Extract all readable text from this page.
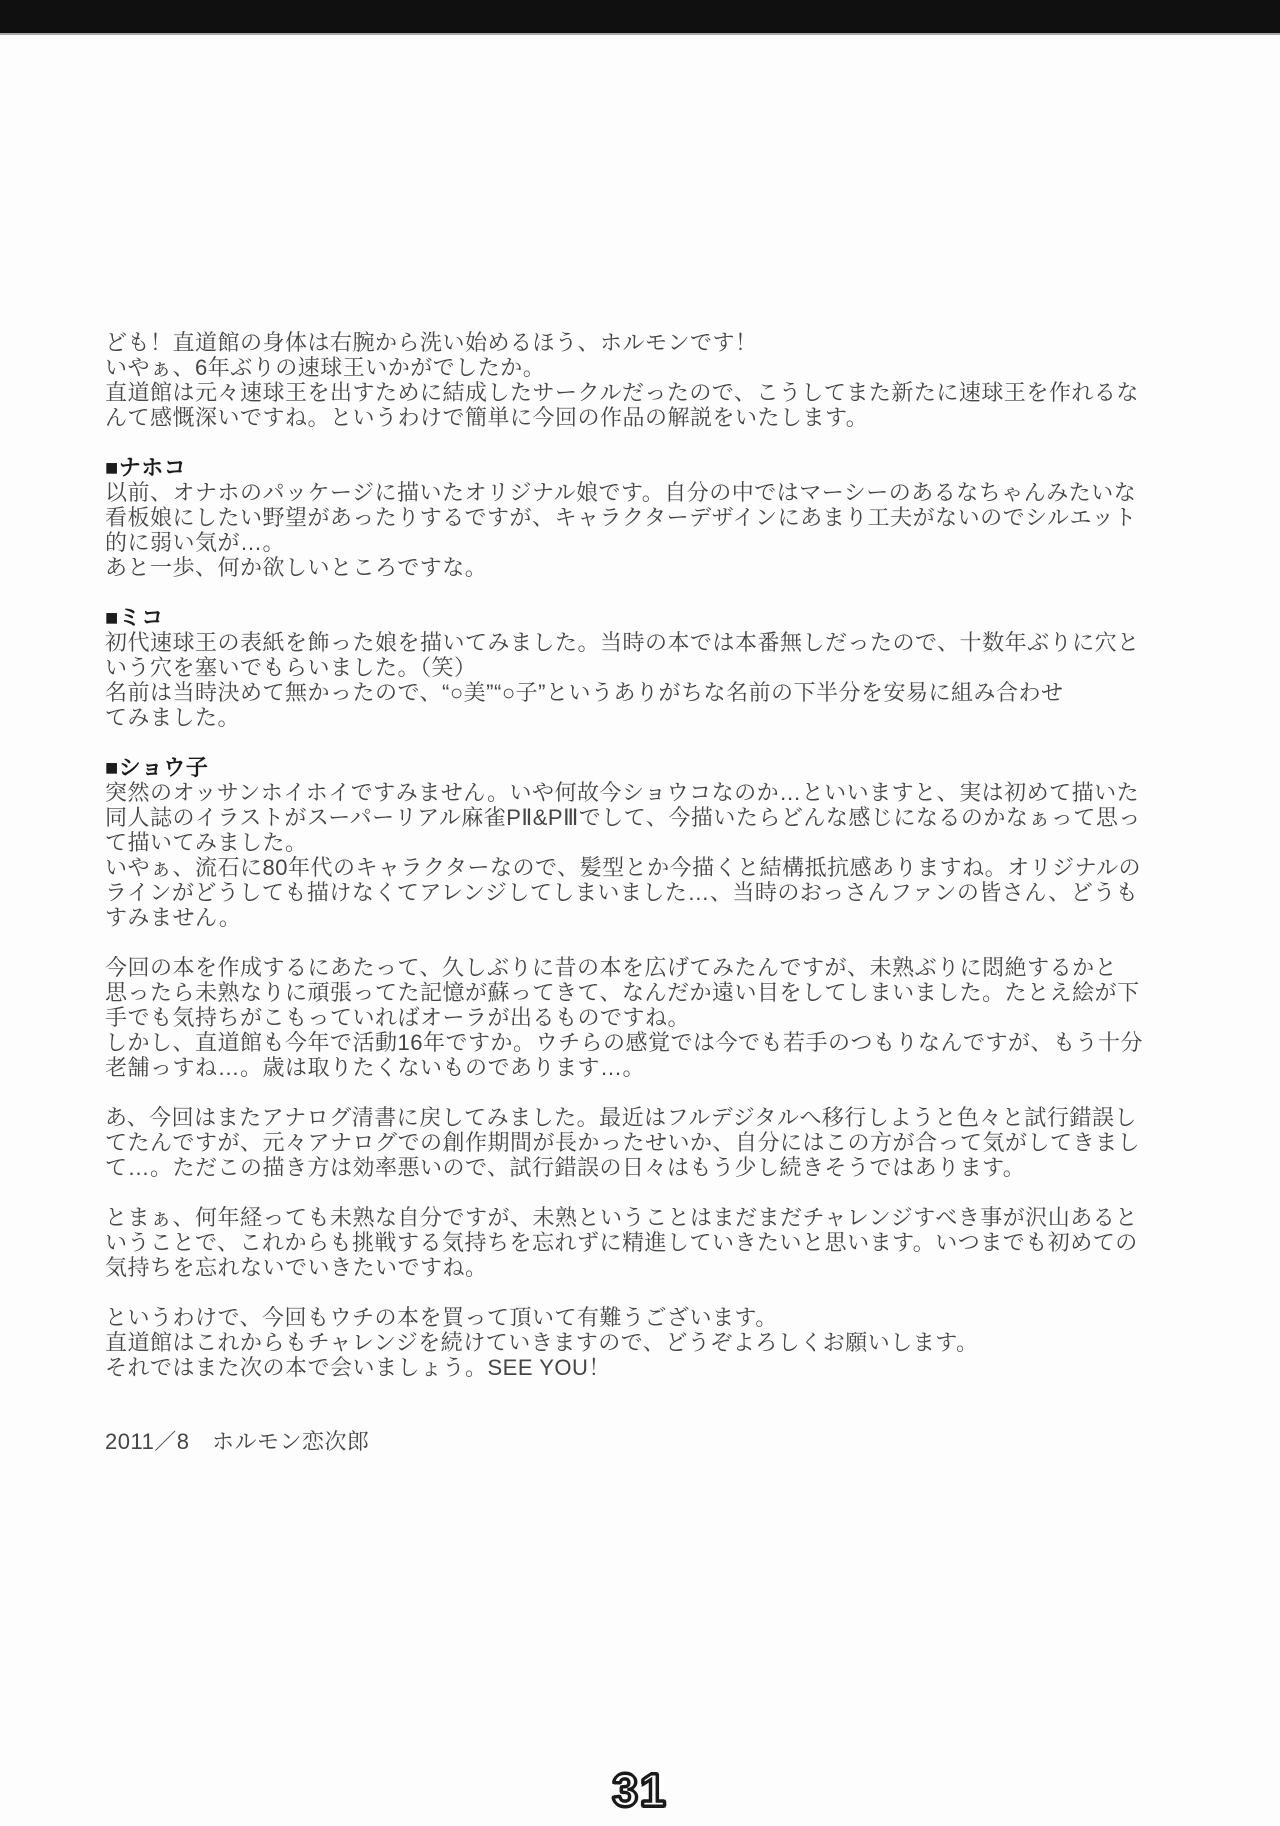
ども！直道館の身体は右腕から洗い始めるほう、ホルモンです！
いやぁ、6年ぶりの速球王いかがでしたか。
直道館は元々速球王を出すために結成したサークルだったので、こうしてまた新たに速球王を作れるな
んて感慨深いですね。というわけで簡単に今回の作品の解説をいたします。
■ナホコ
以前、オナホのパッケージに描いたオリジナル娘です。自分の中ではマーシーのあるなちゃんみたいな
看板娘にしたい野望があったりするですが、キャラクターデザインにあまり工夫がないのでシルエット
的に弱い気が…。
あと一歩、何か欲しいところですな。
■ミコ
初代速球王の表紙を飾った娘を描いてみました。当時の本では本番無しだったので、十数年ぶりに穴と
いう穴を塞いでもらいました。（笑）
名前は当時決めて無かったので、“○美”“○子”というありがちな名前の下半分を安易に組み合わせ
てみました。
■ショウ子
突然のオッサンホイホイですみません。いや何故今ショウコなのか…といいますと、実は初めて描いた
同人誌のイラストがスーパーリアル麻雀PⅡ&PⅢでして、今描いたらどんな感じになるのかなぁって思っ
て描いてみました。
いやぁ、流石に80年代のキャラクターなので、髪型とか今描くと結構抵抗感ありますね。オリジナルの
ラインがどうしても描けなくてアレンジしてしまいました…、当時のおっさんファンの皆さん、どうも
すみません。
今回の本を作成するにあたって、久しぶりに昔の本を広げてみたんですが、未熟ぶりに悶絶するかと
思ったら未熟なりに頑張ってた記憶が蘇ってきて、なんだか遠い目をしてしまいました。たとえ絵が下
手でも気持ちがこもっていればオーラが出るものですね。
しかし、直道館も今年で活動16年ですか。ウチらの感覚では今でも若手のつもりなんですが、もう十分
老舗っすね…。歳は取りたくないものであります…。
あ、今回はまたアナログ清書に戻してみました。最近はフルデジタルへ移行しようと色々と試行錯誤し
てたんですが、元々アナログでの創作期間が長かったせいか、自分にはこの方が合って気がしてきまし
て…。ただこの描き方は効率悪いので、試行錯誤の日々はもう少し続きそうではあります。
とまぁ、何年経っても未熟な自分ですが、未熟ということはまだまだチャレンジすべき事が沢山あると
いうことで、これからも挑戦する気持ちを忘れずに精進していきたいと思います。いつまでも初めての
気持ちを忘れないでいきたいですね。
というわけで、今回もウチの本を買って頂いて有難うございます。
直道館はこれからもチャレンジを続けていきますので、どうぞよろしくお願いします。
それではまた次の本で会いましょう。SEE YOU！
2011／8　ホルモン恋次郎
31
